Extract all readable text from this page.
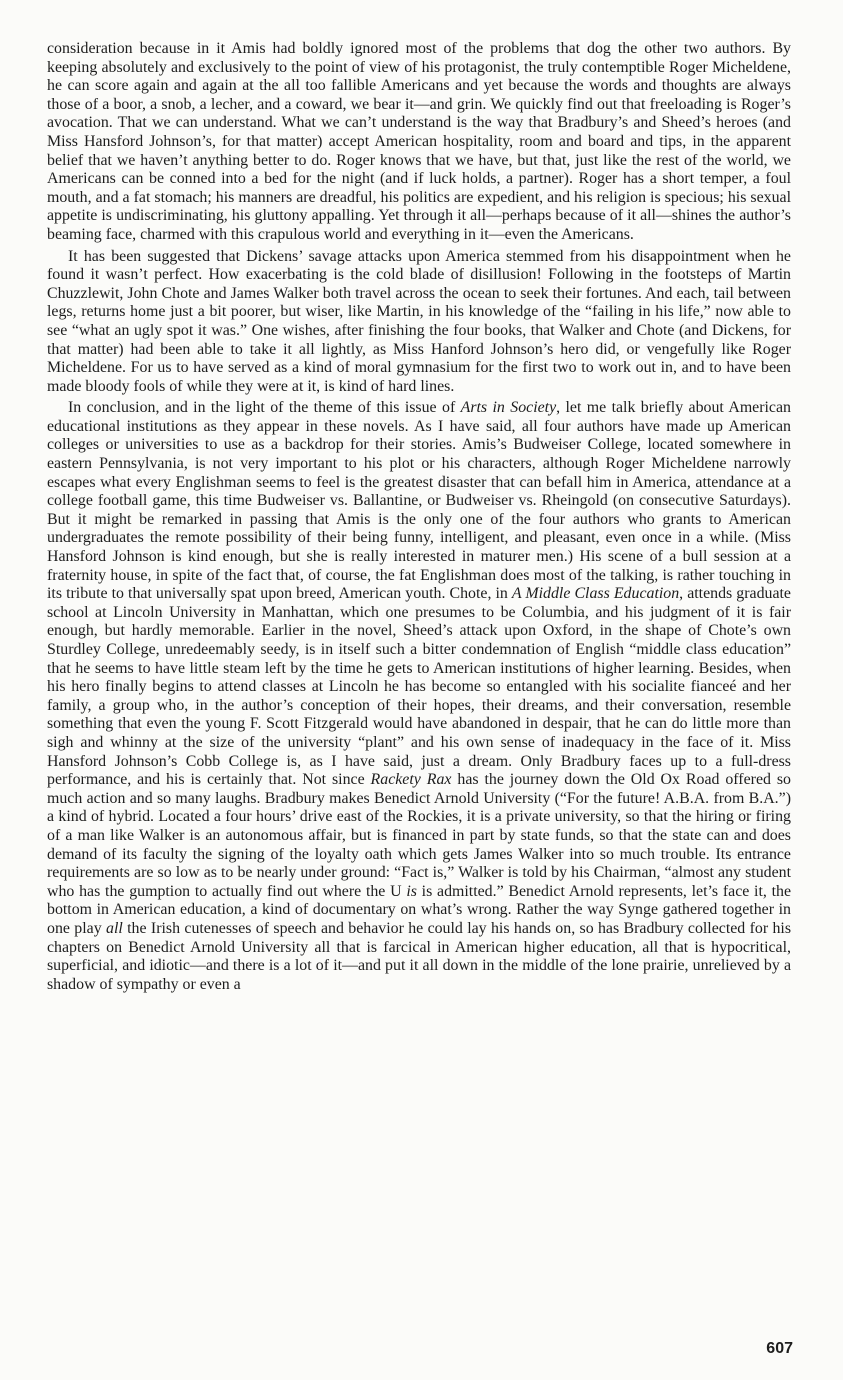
consideration because in it Amis had boldly ignored most of the problems that dog the other two authors. By keeping absolutely and exclusively to the point of view of his protagonist, the truly contemptible Roger Micheldene, he can score again and again at the all too fallible Americans and yet because the words and thoughts are always those of a boor, a snob, a lecher, and a coward, we bear it—and grin. We quickly find out that freeloading is Roger’s avocation. That we can understand. What we can’t understand is the way that Bradbury’s and Sheed’s heroes (and Miss Hansford Johnson’s, for that matter) accept American hospitality, room and board and tips, in the apparent belief that we haven’t anything better to do. Roger knows that we have, but that, just like the rest of the world, we Americans can be conned into a bed for the night (and if luck holds, a partner). Roger has a short temper, a foul mouth, and a fat stomach; his manners are dreadful, his politics are expedient, and his religion is specious; his sexual appetite is undiscriminating, his gluttony appalling. Yet through it all—perhaps because of it all—shines the author’s beaming face, charmed with this crapulous world and everything in it—even the Americans.

It has been suggested that Dickens’ savage attacks upon America stemmed from his disappointment when he found it wasn’t perfect. How exacerbating is the cold blade of disillusion! Following in the footsteps of Martin Chuzzlewit, John Chote and James Walker both travel across the ocean to seek their fortunes. And each, tail between legs, returns home just a bit poorer, but wiser, like Martin, in his knowledge of the “failing in his life,” now able to see “what an ugly spot it was.” One wishes, after finishing the four books, that Walker and Chote (and Dickens, for that matter) had been able to take it all lightly, as Miss Hanford Johnson’s hero did, or vengefully like Roger Micheldene. For us to have served as a kind of moral gymnasium for the first two to work out in, and to have been made bloody fools of while they were at it, is kind of hard lines.

In conclusion, and in the light of the theme of this issue of Arts in Society, let me talk briefly about American educational institutions as they appear in these novels. As I have said, all four authors have made up American colleges or universities to use as a backdrop for their stories. Amis’s Budweiser College, located somewhere in eastern Pennsylvania, is not very important to his plot or his characters, although Roger Micheldene narrowly escapes what every Englishman seems to feel is the greatest disaster that can befall him in America, attendance at a college football game, this time Budweiser vs. Ballantine, or Budweiser vs. Rheingold (on consecutive Saturdays). But it might be remarked in passing that Amis is the only one of the four authors who grants to American undergraduates the remote possibility of their being funny, intelligent, and pleasant, even once in a while. (Miss Hansford Johnson is kind enough, but she is really interested in maturer men.) His scene of a bull session at a fraternity house, in spite of the fact that, of course, the fat Englishman does most of the talking, is rather touching in its tribute to that universally spat upon breed, American youth. Chote, in A Middle Class Education, attends graduate school at Lincoln University in Manhattan, which one presumes to be Columbia, and his judgment of it is fair enough, but hardly memorable. Earlier in the novel, Sheed’s attack upon Oxford, in the shape of Chote’s own Sturdley College, unredeemably seedy, is in itself such a bitter condemnation of English “middle class education” that he seems to have little steam left by the time he gets to American institutions of higher learning. Besides, when his hero finally begins to attend classes at Lincoln he has become so entangled with his socialite fianceé and her family, a group who, in the author’s conception of their hopes, their dreams, and their conversation, resemble something that even the young F. Scott Fitzgerald would have abandoned in despair, that he can do little more than sigh and whinny at the size of the university “plant” and his own sense of inadequacy in the face of it. Miss Hansford Johnson’s Cobb College is, as I have said, just a dream. Only Bradbury faces up to a full-dress performance, and his is certainly that. Not since Rackety Rax has the journey down the Old Ox Road offered so much action and so many laughs. Bradbury makes Benedict Arnold University (“For the future! A.B.A. from B.A.”) a kind of hybrid. Located a four hours’ drive east of the Rockies, it is a private university, so that the hiring or firing of a man like Walker is an autonomous affair, but is financed in part by state funds, so that the state can and does demand of its faculty the signing of the loyalty oath which gets James Walker into so much trouble. Its entrance requirements are so low as to be nearly under ground: “Fact is,” Walker is told by his Chairman, “almost any student who has the gumption to actually find out where the U is is admitted.” Benedict Arnold represents, let’s face it, the bottom in American education, a kind of documentary on what’s wrong. Rather the way Synge gathered together in one play all the Irish cutenesses of speech and behavior he could lay his hands on, so has Bradbury collected for his chapters on Benedict Arnold University all that is farcical in American higher education, all that is hypocritical, superficial, and idiotic—and there is a lot of it—and put it all down in the middle of the lone prairie, unrelieved by a shadow of sympathy or even a

607
